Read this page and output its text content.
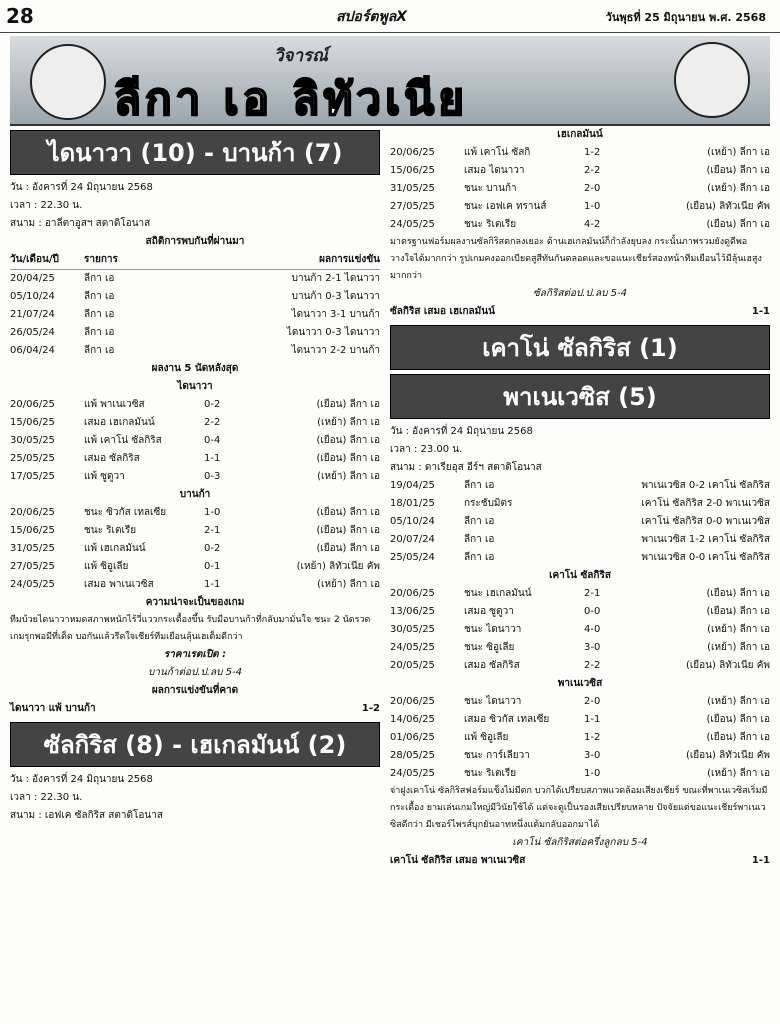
28	สปอร์ตพูลX	วันพุธที่ 25 มิถุนายน พ.ศ. 2568
วิจารณ์
ลีกา เอ ลิทัวเนีย
ไดนาวา (10) - บานก้า (7)
วัน : อังคารที่ 24 มิถุนายน 2568
เวลา : 22.30 น.
สนาม : อาลีตาอูสฯ สตาดิโอนาส
สถิติการพบกันที่ผ่านมา
วัน/เดือน/ปี	รายการ	ผลการแข่งขัน
20/04/25	ลีกา เอ	บานก้า 2-1 ไดนาวา
05/10/24	ลีกา เอ	บานก้า 0-3 ไดนาวา
21/07/24	ลีกา เอ	ไดนาวา 3-1 บานก้า
26/05/24	ลีกา เอ	ไดนาวา 0-3 ไดนาวา
06/04/24	ลีกา เอ	ไดนาวา 2-2 บานก้า
ผลงาน 5 นัดหลังสุด
ไดนาวา
20/06/25	แพ้ พาเนเวซิส	0-2	(เยือน) ลีกา เอ
15/06/25	เสมอ เฮเกลมันน์	2-2	(เหย้า) ลีกา เอ
30/05/25	แพ้ เคาโน่ ซัลกิริส	0-4	(เยือน) ลีกา เอ
25/05/25	เสมอ ซัลกิริส	1-1	(เยือน) ลีกา เอ
17/05/25	แพ้ ซูดูวา	0-3	(เหย้า) ลีกา เอ
บานก้า
20/06/25	ชนะ ซิวกัส เทลเซีย	1-0	(เยือน) ลีกา เอ
15/06/25	ชนะ ริเตเรีย	2-1	(เยือน) ลีกา เอ
31/05/25	แพ้ เฮเกลมันน์	0-2	(เยือน) ลีกา เอ
27/05/25	แพ้ ซิอูเลีย	0-1	(เหย้า) ลิทัวเนีย คัพ
24/05/25	เสมอ พาเนเวซิส	1-1	(เหย้า) ลีกา เอ
ความน่าจะเป็นของเกม
ทีมบ้วยไดนาวาหมดสภาพหนักไร้วี่แววกระเตื้องขึ้น รับมือบานก้าที่กลับมามั่นใจ ชนะ 2 นัดรวด เกมรุกพอมีที่เด็ด บอกันแล้วรีดใจเชียร์ทีมเยือนลุ้นเฮเต็มดีกว่า
ราคาเรตเปิด :
บานก้าต่อป.ป.ลบ 5-4
ผลการแข่งขันที่คาด
ไดนาวา แพ้ บานก้า	1-2
ซัลกิริส (8) - เฮเกลมันน์ (2)
วัน : อังคารที่ 24 มิถุนายน 2568
เวลา : 22.30 น.
สนาม : เอฟเค ซัลกิริส สตาดิโอนาส
เฮเกลมันน์
20/06/25	แพ้ เคาโน่ ซัลกิ	1-2	(เหย้า) ลีกา เอ
15/06/25	เสมอ ไดนาวา	2-2	(เยือน) ลีกา เอ
31/05/25	ชนะ บานก้า	2-0	(เหย้า) ลีกา เอ
27/05/25	ชนะ เอฟเค ทรานส์	1-0	(เยือน) ลิทัวเนีย คัพ
24/05/25	ชนะ ริเตเรีย	4-2	(เยือน) ลีกา เอ
มาตรฐานฟอร์มผลงานซัลกิริสตกลงเยอะ ด้านเฮเกลมันน์ก็กำลังยุบลง กระนั้นภาพรวมยังดูดีพอวางใจได้มากกว่า รูปเกมคงออกเบียดสูสีทันกันตลอดและขอแนะเชียร์สองหน้าทีมเยือนไว้มีลุ้นเฮสูงมากกว่า
ซัลกิริสต่อป.ป.ลบ 5-4
ซัลกิริส เสมอ เฮเกลมันน์	1-1
เคาโน่ ซัลกิริส (1)
พาเนเวซิส (5)
วัน : อังคารที่ 24 มิถุนายน 2568
เวลา : 23.00 น.
สนาม : ดาเรียอุส อีร์ฯ สตาดิโอนาส
19/04/25	ลีกา เอ	พาเนเวซิส 0-2 เคาโน่ ซัลกิริส
18/01/25	กระชับมิตร	เคาโน่ ซัลกิริส 2-0 พาเนเวซิส
05/10/24	ลีกา เอ	เคาโน่ ซัลกิริส 0-0 พาเนเวซิส
20/07/24	ลีกา เอ	พาเนเวซิส 1-2 เคาโน่ ซัลกิริส
25/05/24	ลีกา เอ	พาเนเวซิส 0-0 เคาโน่ ซัลกิริส
เคาโน่ ซัลกิริส
20/06/25	ชนะ เฮเกลมันน์	2-1	(เยือน) ลีกา เอ
13/06/25	เสมอ ซูดูวา	0-0	(เยือน) ลีกา เอ
30/05/25	ชนะ ไดนาวา	4-0	(เหย้า) ลีกา เอ
24/05/25	ชนะ ซิอูเลีย	3-0	(เหย้า) ลีกา เอ
20/05/25	เสมอ ซัลกิริส	2-2	(เยือน) ลิทัวเนีย คัพ
พาเนเวซิส
20/06/25	ชนะ ไดนาวา	2-0	(เหย้า) ลีกา เอ
14/06/25	เสมอ ซิวกัส เทลเซีย	1-1	(เยือน) ลีกา เอ
01/06/25	แพ้ ซิอูเลีย	1-2	(เยือน) ลีกา เอ
28/05/25	ชนะ การ์เลียวา	3-0	(เยือน) ลิทัวเนีย คัพ
24/05/25	ชนะ ริเตเรีย	1-0	(เหย้า) ลีกา เอ
จ่าฝูงเคาโน่ ซัลกิริสฟอร์มแข็งไม่มีตก บวกได้เปรียบสภาพแวดล้อมเสียงเชียร์ ขณะที่พาเนเวซิสเริ่มมีกระเดื้อง ยามเล่นเกมใหญ่มีวินัยใช้ได้ แต่จะดูเป็นรองเสียเปรียบหลาย ปัจจัยแต่ขอแนะเชียร์พาเนเวซิสดีกว่า มีเชอร์ไพรส์บุกยันอาทหนึ่งแต้มกลับออกมาได้
เคาโน่ ซัลกิริสต่อครึ่งลูกลบ 5-4
เคาโน่ ซัลกิริส เสมอ พาเนเวซิส	1-1
